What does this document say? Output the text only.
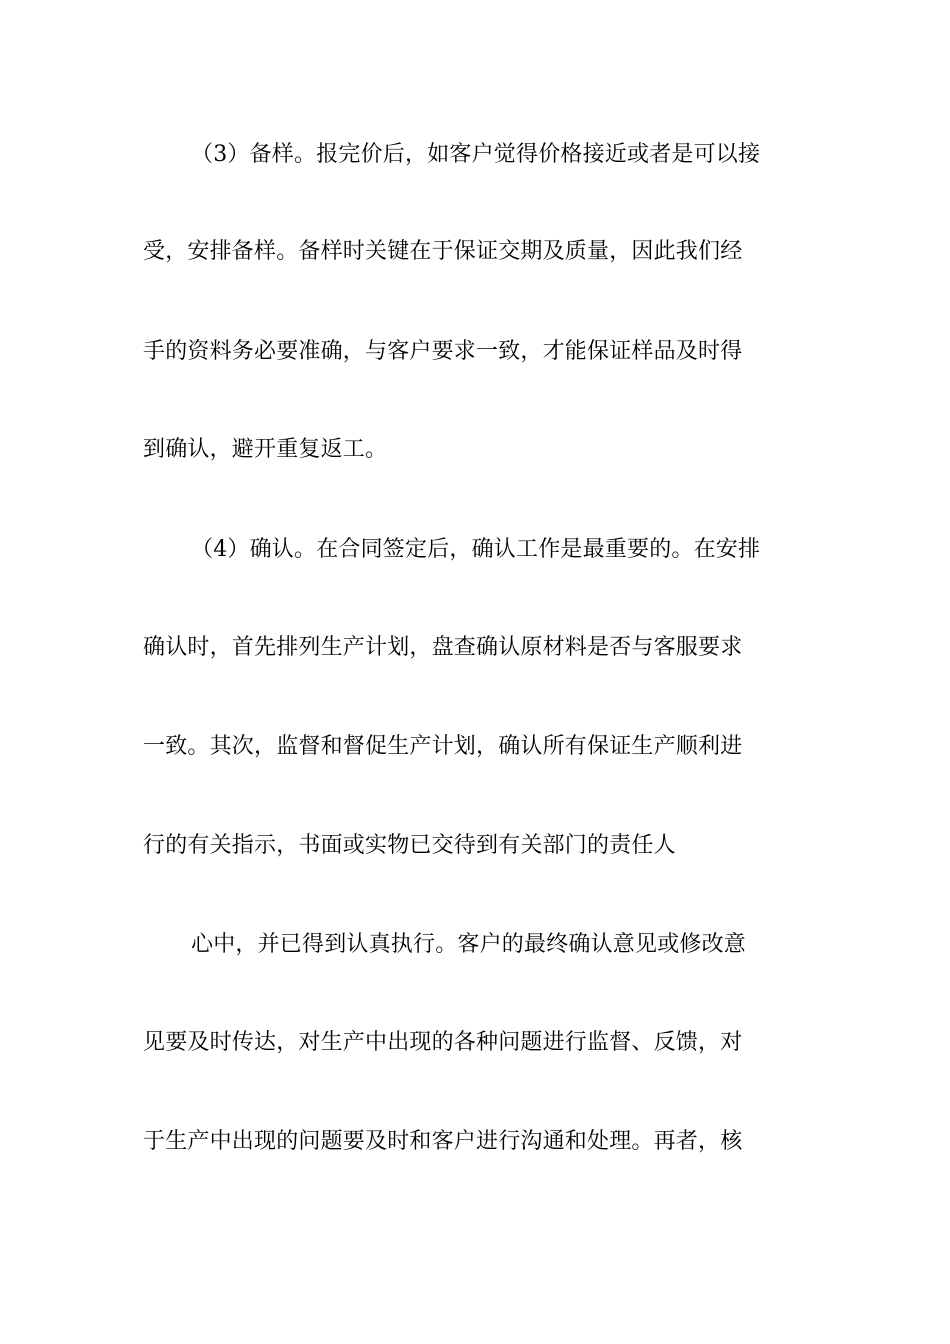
（3）备样。报完价后，如客户觉得价格接近或者是可以接
受，安排备样。备样时关键在于保证交期及质量，因此我们经
手的资料务必要准确，与客户要求一致，才能保证样品及时得
到确认，避开重复返工。
（4）确认。在合同签定后，确认工作是最重要的。在安排
确认时，首先排列生产计划，盘查确认原材料是否与客服要求
一致。其次，监督和督促生产计划，确认所有保证生产顺利进
行的有关指示，书面或实物已交待到有关部门的责任人
心中，并已得到认真执行。客户的最终确认意见或修改意
见要及时传达，对生产中出现的各种问题进行监督、反馈，对
于生产中出现的问题要及时和客户进行沟通和处理。再者，核
